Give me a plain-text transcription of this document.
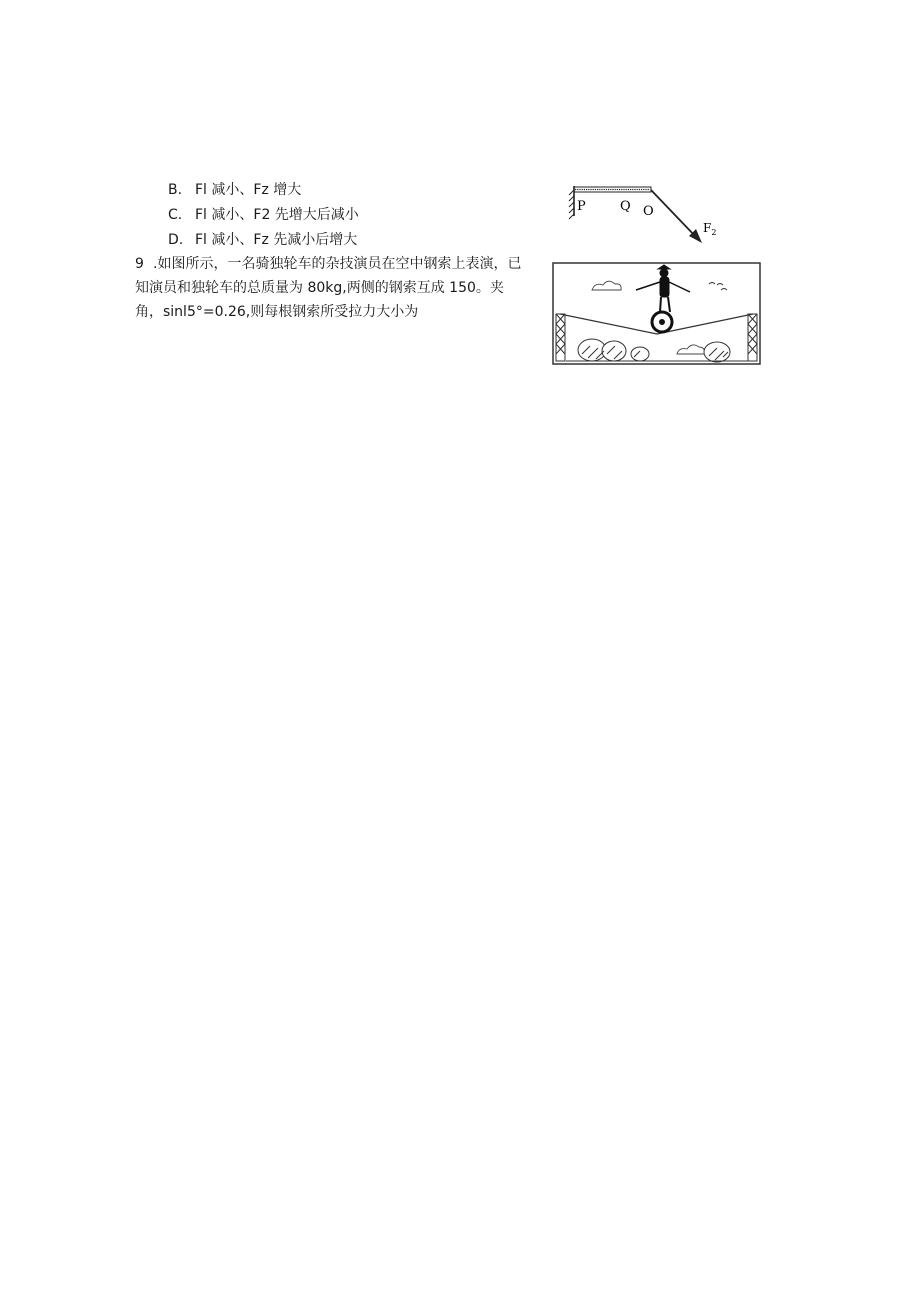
B. Fl 减小、Fz 增大
C. Fl 减小、F2 先增大后减小
D. Fl 减小、Fz 先减小后增大
9 .如图所示，一名骑独轮车的杂技演员在空中钢索上表演，已知演员和独轮车的总质量为 80kg,两侧的钢索互成 150。夹角，sinl5°=0.26,则每根钢索所受拉力大小为
P	Q O
$F_2$
